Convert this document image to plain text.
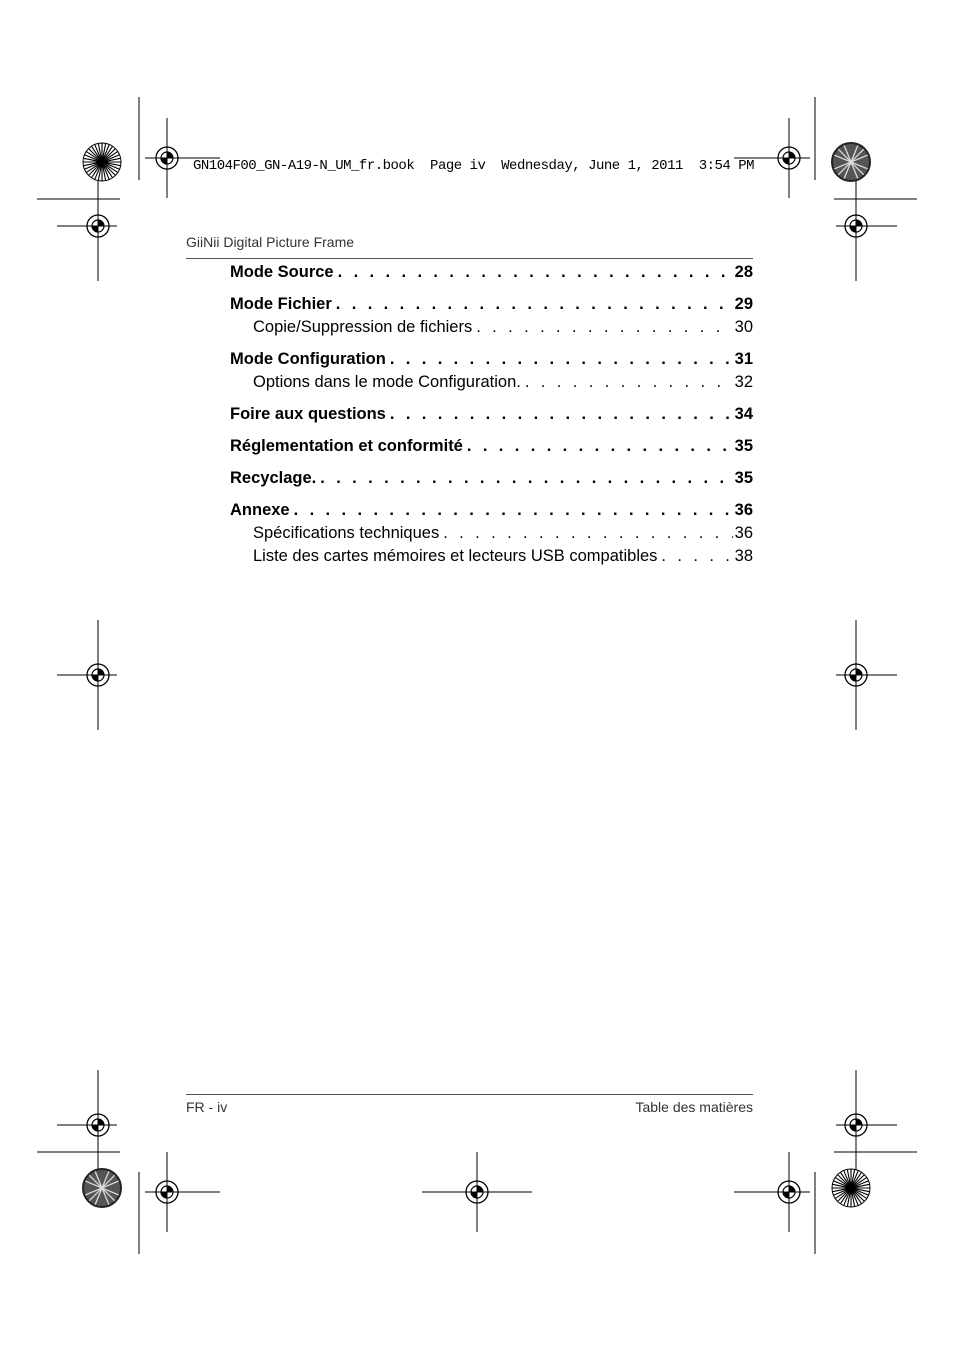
GN104F00_GN-A19-N_UM_fr.book  Page iv  Wednesday, June 1, 2011  3:54 PM
GiiNii Digital Picture Frame
Mode Source . . .	28
Mode Fichier . . .	29
Copie/Suppression de fichiers . . .	30
Mode Configuration . . .	31
Options dans le mode Configuration. . . .	32
Foire aux questions . . .	34
Réglementation et conformité . . .	35
Recyclage. . . .	35
Annexe . . .	36
Spécifications techniques . . .	36
Liste des cartes mémoires et lecteurs USB compatibles . . .	38
FR - iv	Table des matières
